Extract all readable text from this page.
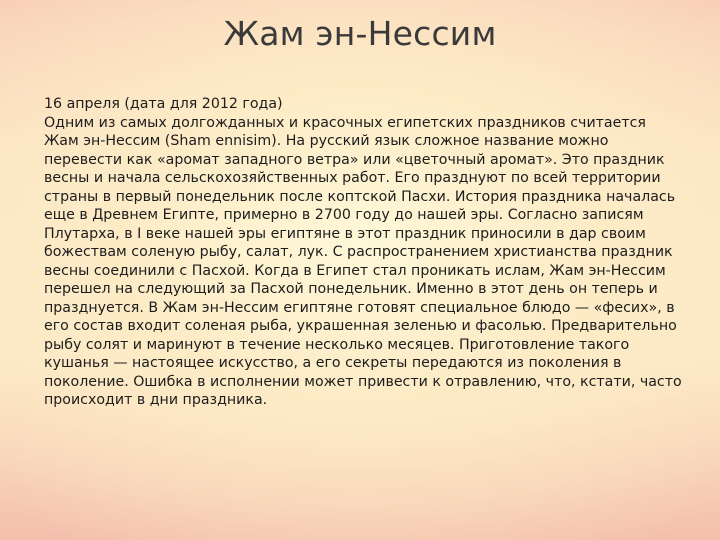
Жам эн-Нессим

16 апреля (дата для 2012 года)

Одним из самых долгожданных и красочных египетских праздников считается Жам эн-Нессим (Sham ennisim). На русский язык сложное название можно перевести как «аромат западного ветра» или «цветочный аромат». Это праздник весны и начала сельскохозяйственных работ. Его празднуют по всей территории страны в первый понедельник после коптской Пасхи. История праздника началась еще в Древнем Египте, примерно в 2700 году до нашей эры. Согласно записям Плутарха, в I веке нашей эры египтяне в этот праздник приносили в дар своим божествам соленую рыбу, салат, лук. С распространением христианства праздник весны соединили с Пасхой. Когда в Египет стал проникать ислам, Жам эн-Нессим перешел на следующий за Пасхой понедельник. Именно в этот день он теперь и празднуется. В Жам эн-Нессим египтяне готовят специальное блюдо — «фесих», в его состав входит соленая рыба, украшенная зеленью и фасолью. Предварительно рыбу солят и маринуют в течение несколько месяцев. Приготовление такого кушанья — настоящее искусство, а его секреты передаются из поколения в поколение. Ошибка в исполнении может привести к отравлению, что, кстати, часто происходит в дни праздника.
